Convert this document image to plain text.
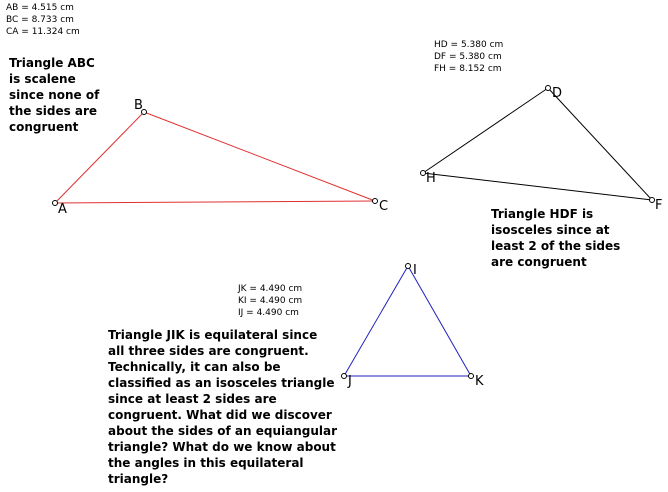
AB = 4.515 cm
BC = 8.733 cm
CA = 11.324 cm
HD = 5.380 cm
DF = 5.380 cm
FH = 8.152 cm
JK = 4.490 cm
KI = 4.490 cm
IJ = 4.490 cm
Triangle ABC
is scalene
since none of
the sides are
congruent
Triangle HDF is
isosceles since at
least 2 of the sides
are congruent
Triangle JIK is equilateral since
all three sides are congruent.
Technically, it can also be
classified as an isosceles triangle
since at least 2 sides are
congruent. What did we discover
about the sides of an equiangular
triangle? What do we know about
the angles in this equilateral
triangle?
A
B
C
H
D
F
J
I
K
